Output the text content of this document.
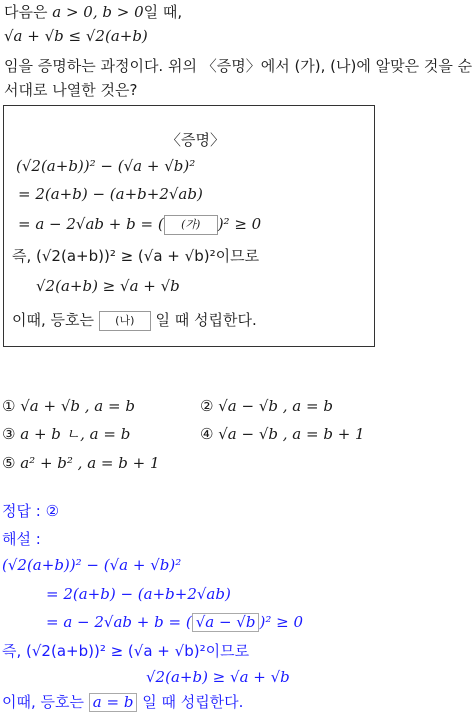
다음은 a > 0, b > 0일 때,
√a + √b ≤ √2(a+b)
임을 증명하는 과정이다. 위의 〈증명〉에서 (가), (나)에 알맞은 것을 순
서대로 나열한 것은?
〈증명〉
(√2(a+b))² − (√a + √b)²
= 2(a+b) − (a+b+2√ab)
= a − 2√ab + b = ( (가) )² ≥ 0
즉, (√2(a+b))² ≥ (√a + √b)²이므로
√2(a+b) ≥ √a + √b
이때, 등호는 (나) 일 때 성립한다.
① √a + √b , a = b	② √a − √b , a = b
③ a + b ㄴ, a = b	④ √a − √b , a = b + 1
⑤ a² + b² , a = b + 1
정답 : ②
해설 :
(√2(a+b))² − (√a + √b)²
= 2(a+b) − (a+b+2√ab)
= a − 2√ab + b = ( √a − √b )² ≥ 0
즉, (√2(a+b))² ≥ (√a + √b)²이므로
√2(a+b) ≥ √a + √b
이때, 등호는 a = b 일 때 성립한다.
